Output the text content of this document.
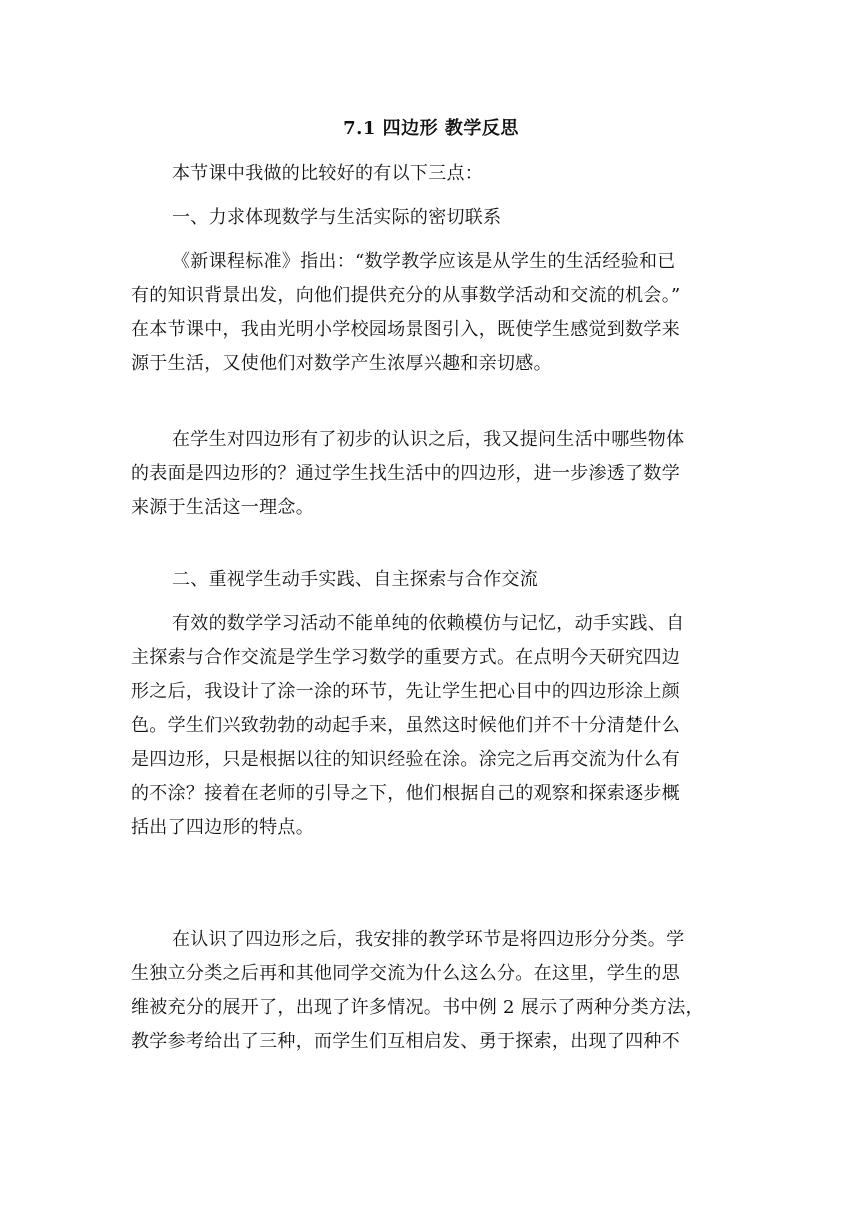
7.1 四边形 教学反思
本节课中我做的比较好的有以下三点：
一、力求体现数学与生活实际的密切联系
《新课程标准》指出：“数学教学应该是从学生的生活经验和已
有的知识背景出发，向他们提供充分的从事数学活动和交流的机会。”
在本节课中，我由光明小学校园场景图引入，既使学生感觉到数学来
源于生活，又使他们对数学产生浓厚兴趣和亲切感。
在学生对四边形有了初步的认识之后，我又提问生活中哪些物体
的表面是四边形的？通过学生找生活中的四边形，进一步渗透了数学
来源于生活这一理念。
二、重视学生动手实践、自主探索与合作交流
有效的数学学习活动不能单纯的依赖模仿与记忆，动手实践、自
主探索与合作交流是学生学习数学的重要方式。在点明今天研究四边
形之后，我设计了涂一涂的环节，先让学生把心目中的四边形涂上颜
色。学生们兴致勃勃的动起手来，虽然这时候他们并不十分清楚什么
是四边形，只是根据以往的知识经验在涂。涂完之后再交流为什么有
的不涂？接着在老师的引导之下，他们根据自己的观察和探索逐步概
括出了四边形的特点。
在认识了四边形之后，我安排的教学环节是将四边形分分类。学
生独立分类之后再和其他同学交流为什么这么分。在这里，学生的思
维被充分的展开了，出现了许多情况。书中例 2 展示了两种分类方法，
教学参考给出了三种，而学生们互相启发、勇于探索，出现了四种不
